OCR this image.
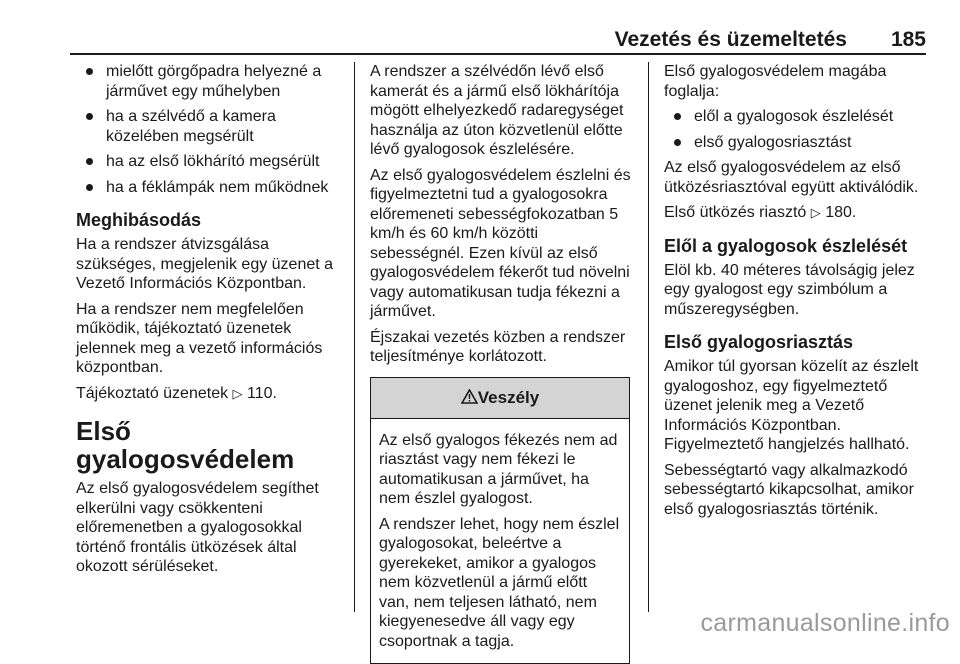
Vezetés és üzemeltetés 185
mielőtt görgőpadra helyezné a járművet egy műhelyben
ha a szélvédő a kamera közelében megsérült
ha az első lökhárító megsérült
ha a féklámpák nem működnek
Meghibásodás

Ha a rendszer átvizsgálása szükséges, megjelenik egy üzenet a Vezető Információs Központban.

Ha a rendszer nem megfelelően működik, tájékoztató üzenetek jelennek meg a vezető információs központban.

Tájékoztató üzenetek ▷ 110.

Első gyalogosvédelem

Az első gyalogosvédelem segíthet elkerülni vagy csökkenteni előremenetben a gyalogosokkal történő frontális ütközések által okozott sérüléseket.

A rendszer a szélvédőn lévő első kamerát és a jármű első lökhárítója mögött elhelyezkedő radaregységet használja az úton közvetlenül előtte lévő gyalogosok észlelésére.

Az első gyalogosvédelem észlelni és figyelmeztetni tud a gyalogosokra előremeneti sebességfokozatban 5 km/h és 60 km/h közötti sebességnél. Ezen kívül az első gyalogosvédelem fékerőt tud növelni vagy automatikusan tudja fékezni a járművet.

Éjszakai vezetés közben a rendszer teljesítménye korlátozott.

Veszély

Az első gyalogos fékezés nem ad riasztást vagy nem fékezi le automatikusan a járművet, ha nem észlel gyalogost.

A rendszer lehet, hogy nem észlel gyalogosokat, beleértve a gyerekeket, amikor a gyalogos nem közvetlenül a jármű előtt van, nem teljesen látható, nem kiegyenesedve áll vagy egy csoportnak a tagja.

Első gyalogosvédelem magába foglalja:

elől a gyalogosok észlelését
első gyalogosriasztást

Az első gyalogosvédelem az első ütközésriasztóval együtt aktiválódik.

Első ütközés riasztó ▷ 180.

Elől a gyalogosok észlelését

Elöl kb. 40 méteres távolságig jelez egy gyalogost egy szimbólum a műszeregységben.

Első gyalogosriasztás

Amikor túl gyorsan közelít az észlelt gyalogoshoz, egy figyelmeztető üzenet jelenik meg a Vezető Információs Központban.

Figyelmeztető hangjelzés hallható.

Sebességtartó vagy alkalmazkodó sebességtartó kikapcsolhat, amikor első gyalogosriasztás történik.

carmanualsonline.info
